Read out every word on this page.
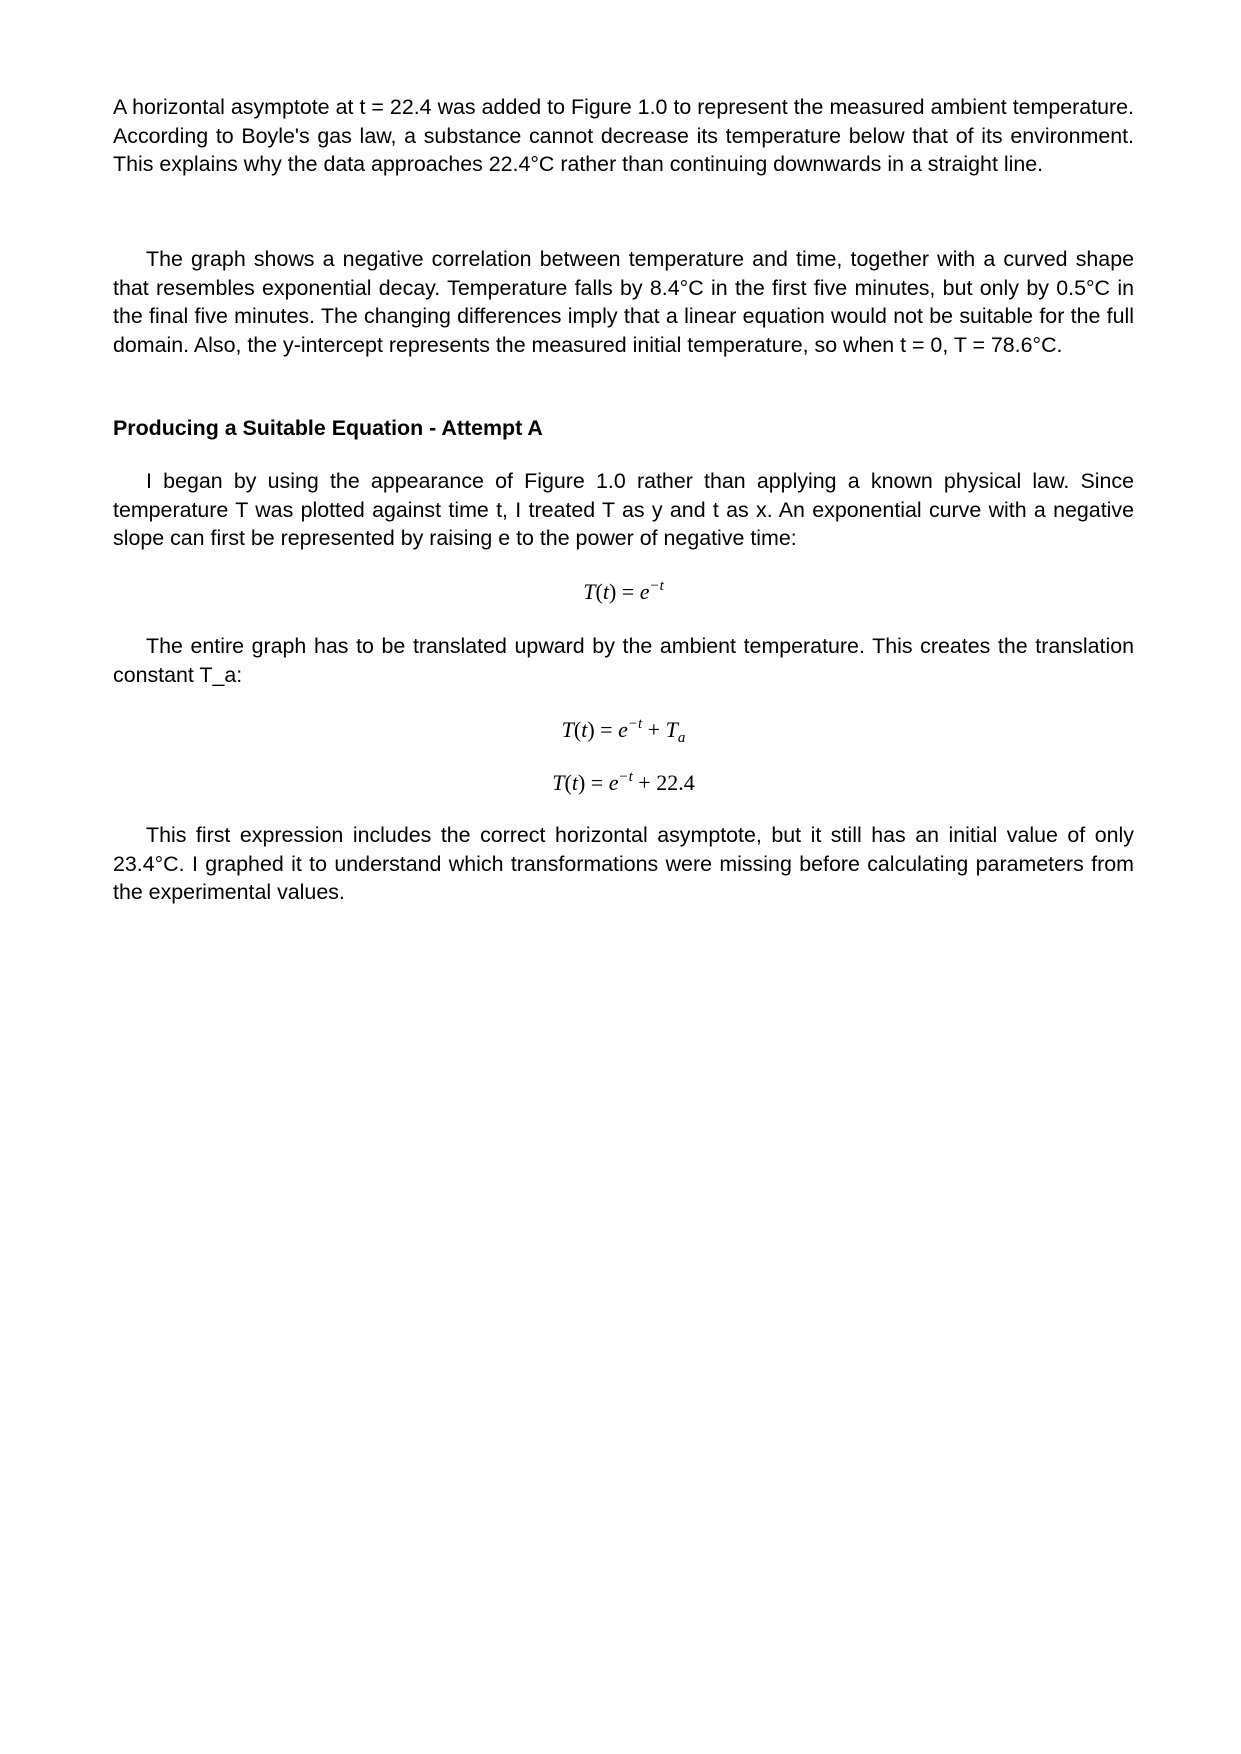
A horizontal asymptote at t = 22.4 was added to Figure 1.0 to represent the measured ambient temperature. According to Boyle's gas law, a substance cannot decrease its temperature below that of its environment. This explains why the data approaches 22.4°C rather than continuing downwards in a straight line.

The graph shows a negative correlation between temperature and time, together with a curved shape that resembles exponential decay. Temperature falls by 8.4°C in the first five minutes, but only by 0.5°C in the final five minutes. The changing differences imply that a linear equation would not be suitable for the full domain. Also, the y-intercept represents the measured initial temperature, so when t = 0, T = 78.6°C.

Producing a Suitable Equation - Attempt A

I began by using the appearance of Figure 1.0 rather than applying a known physical law. Since temperature T was plotted against time t, I treated T as y and t as x. An exponential curve with a negative slope can first be represented by raising e to the power of negative time:

$T(t) = e^{-t}$

The entire graph has to be translated upward by the ambient temperature. This creates the translation constant T_a:

$T(t) = e^{-t} + T_a$

$T(t) = e^{-t} + 22.4$

This first expression includes the correct horizontal asymptote, but it still has an initial value of only 23.4°C. I graphed it to understand which transformations were missing before calculating parameters from the experimental values.
